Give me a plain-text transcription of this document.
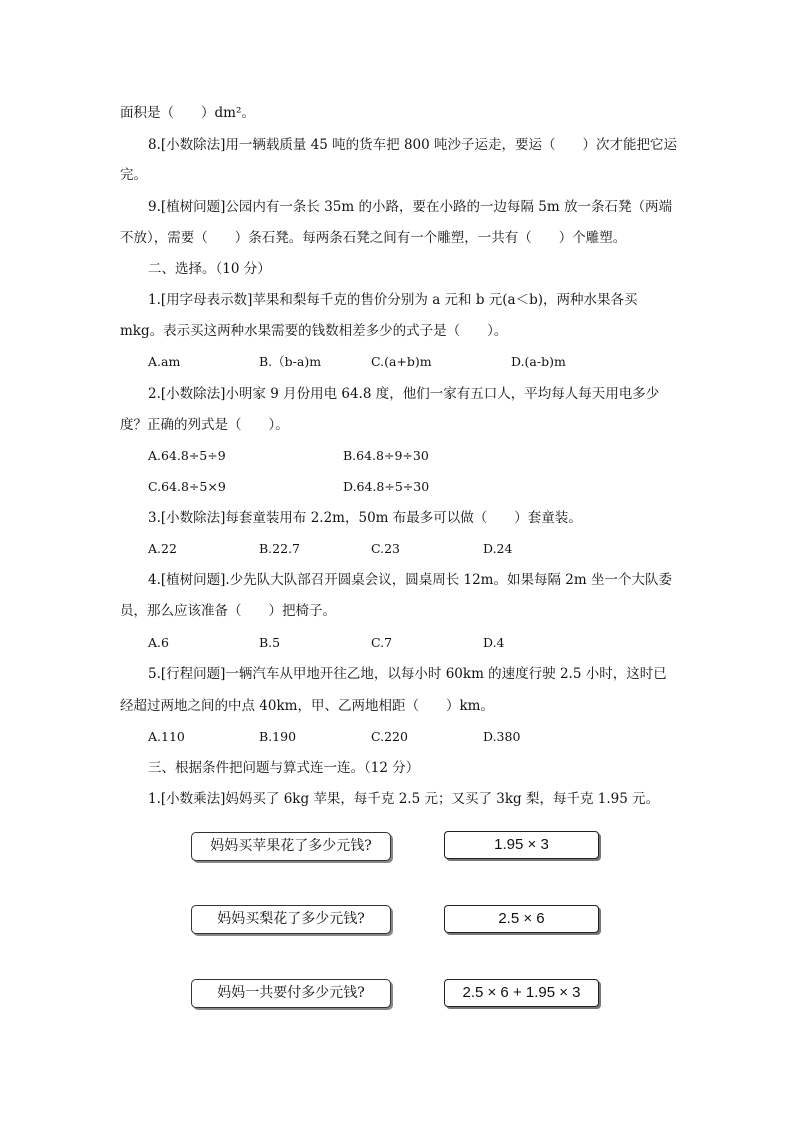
面积是（　　）dm²。
8.[小数除法]用一辆载质量 45 吨的货车把 800 吨沙子运走，要运（　　）次才能把它运
完。
9.[植树问题]公园内有一条长 35m 的小路，要在小路的一边每隔 5m 放一条石凳（两端
不放），需要（　　）条石凳。每两条石凳之间有一个雕塑，一共有（　　）个雕塑。
二、选择。（10 分）
1.[用字母表示数]苹果和梨每千克的售价分别为 a 元和 b 元(a＜b)，两种水果各买
mkg。表示买这两种水果需要的钱数相差多少的式子是（　　）。
A.am	B.（b-a)m	C.(a+b)m	D.(a-b)m
2.[小数除法]小明家 9 月份用电 64.8 度，他们一家有五口人，平均每人每天用电多少
度？正确的列式是（　　）。
A.64.8÷5÷9	B.64.8÷9÷30
C.64.8÷5×9	D.64.8÷5÷30
3.[小数除法]每套童装用布 2.2m，50m 布最多可以做（　　）套童装。
A.22	B.22.7	C.23	D.24
4.[植树问题].少先队大队部召开圆桌会议，圆桌周长 12m。如果每隔 2m 坐一个大队委
员，那么应该准备（　　）把椅子。
A.6	B.5	C.7	D.4
5.[行程问题]一辆汽车从甲地开往乙地，以每小时 60km 的速度行驶 2.5 小时，这时已
经超过两地之间的中点 40km，甲、乙两地相距（　　）km。
A.110	B.190	C.220	D.380
三、根据条件把问题与算式连一连。（12 分）
1.[小数乘法]妈妈买了 6kg 苹果，每千克 2.5 元；又买了 3kg 梨，每千克 1.95 元。
妈妈买苹果花了多少元钱?
妈妈买梨花了多少元钱?
妈妈一共要付多少元钱?
1.95 × 3
2.5 × 6
2.5 × 6 + 1.95 × 3
